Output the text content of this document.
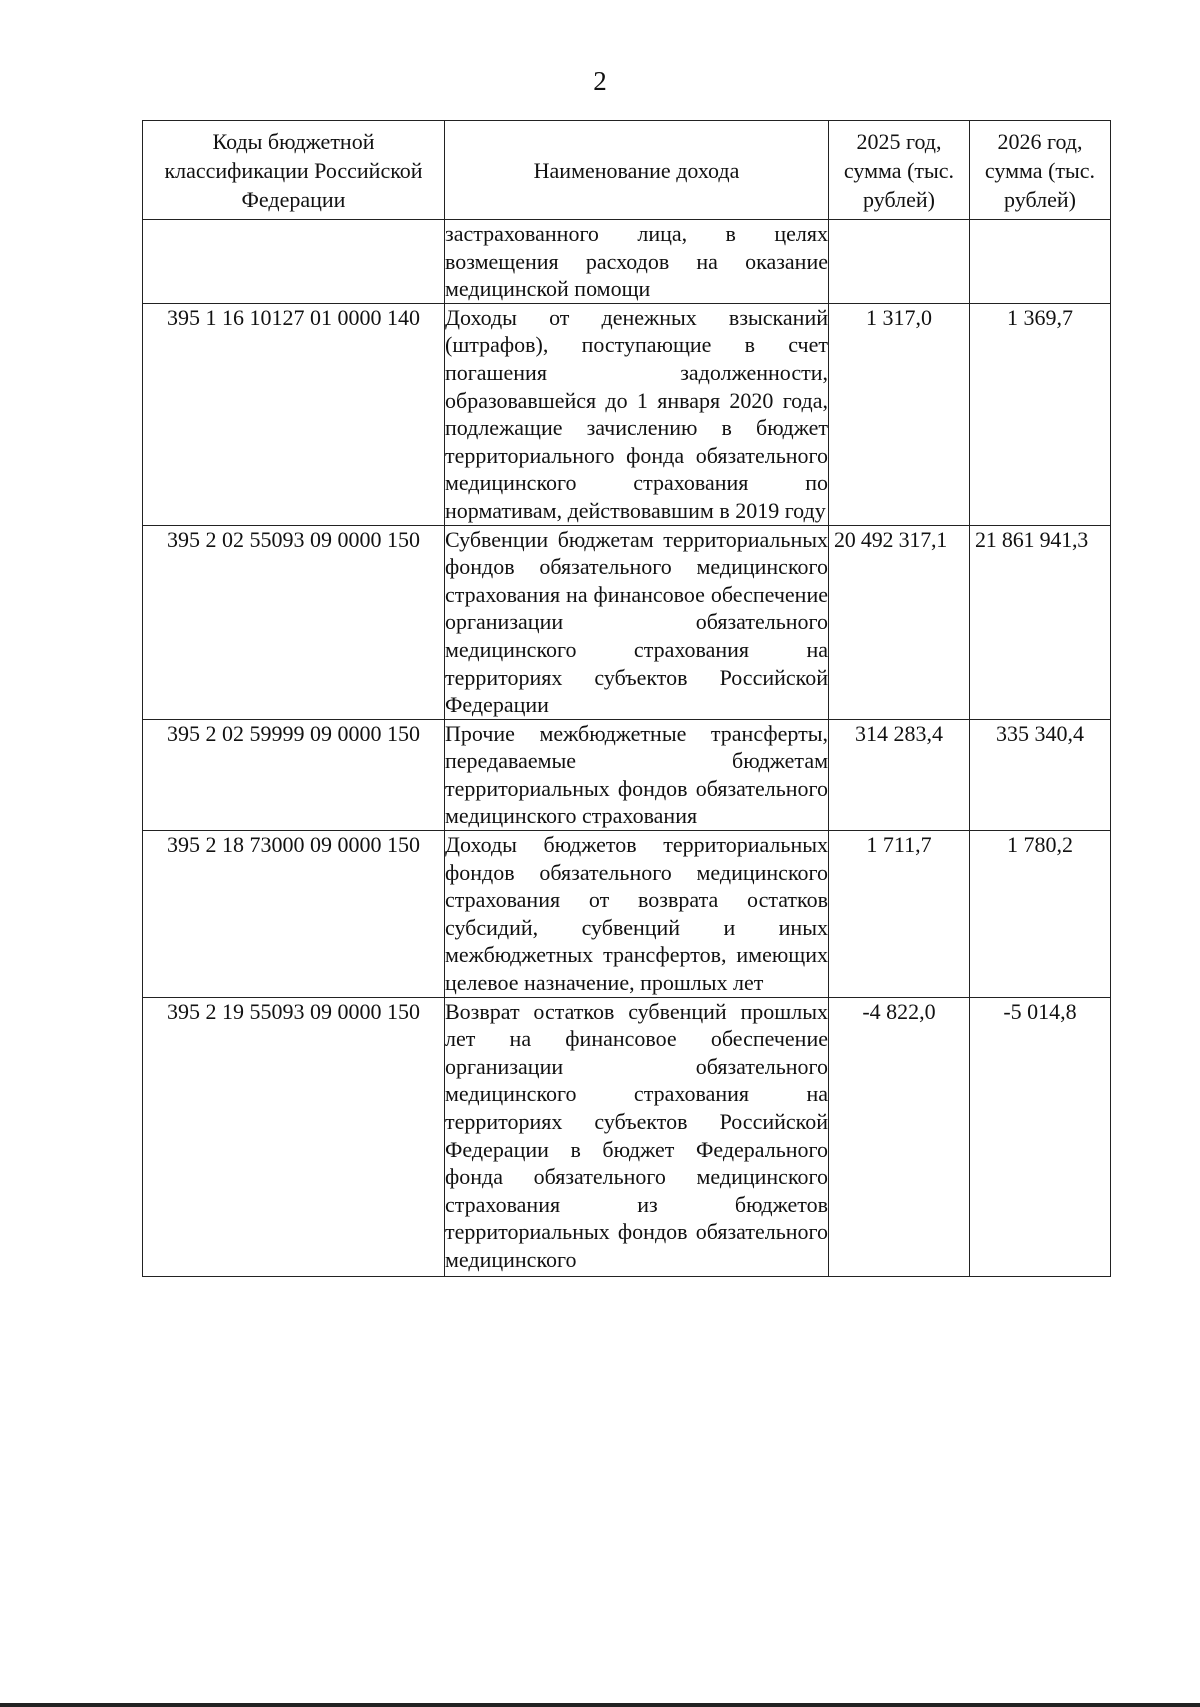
2
Коды бюджетной классификации Российской Федерации	Наименование дохода	2025 год, сумма (тыс. рублей)	2026 год, сумма (тыс. рублей)
	застрахованного лица, в целях возмещения расходов на оказание медицинской помощи		
395 1 16 10127 01 0000 140	Доходы от денежных взысканий (штрафов), поступающие в счет погашения задолженности, образовавшейся до 1 января 2020 года, подлежащие зачислению в бюджет территориального фонда обязательного медицинского страхования по нормативам, действовавшим в 2019 году	1 317,0	1 369,7
395 2 02 55093 09 0000 150	Субвенции бюджетам территориальных фондов обязательного медицинского страхования на финансовое обеспечение организации обязательного медицинского страхования на территориях субъектов Российской Федерации	20 492 317,1	21 861 941,3
395 2 02 59999 09 0000 150	Прочие межбюджетные трансферты, передаваемые бюджетам территориальных фондов обязательного медицинского страхования	314 283,4	335 340,4
395 2 18 73000 09 0000 150	Доходы бюджетов территориальных фондов обязательного медицинского страхования от возврата остатков субсидий, субвенций и иных межбюджетных трансфертов, имеющих целевое назначение, прошлых лет	1 711,7	1 780,2
395 2 19 55093 09 0000 150	Возврат остатков субвенций прошлых лет на финансовое обеспечение организации обязательного медицинского страхования на территориях субъектов Российской Федерации в бюджет Федерального фонда обязательного медицинского страхования из бюджетов территориальных фондов обязательного медицинского	-4 822,0	-5 014,8
